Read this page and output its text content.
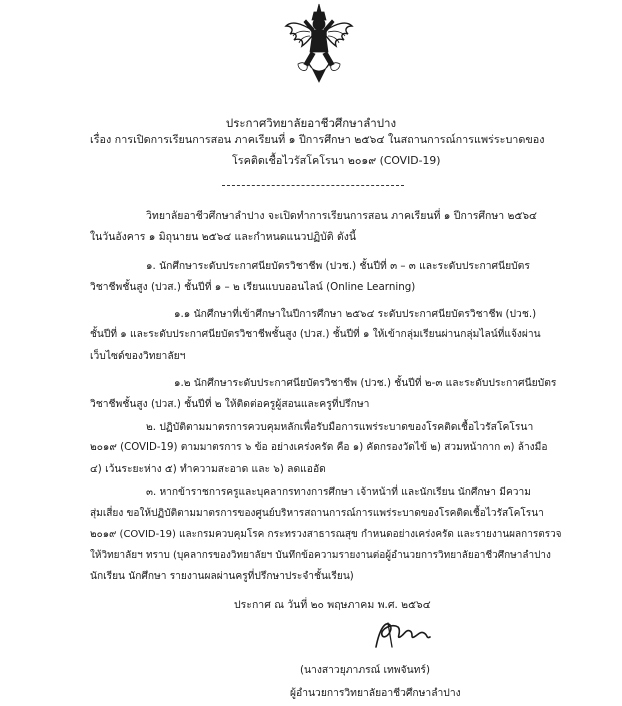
ประกาศวิทยาลัยอาชีวศึกษาลำปาง
เรื่อง การเปิดการเรียนการสอน ภาคเรียนที่ ๑ ปีการศึกษา ๒๕๖๔ ในสถานการณ์การแพร่ระบาดของ
โรคติดเชื้อไวรัสโคโรนา ๒๐๑๙ (COVID-19)
วิทยาลัยอาชีวศึกษาลำปาง จะเปิดทำการเรียนการสอน ภาคเรียนที่ ๑ ปีการศึกษา ๒๕๖๔
ในวันอังคาร ๑ มิถุนายน ๒๕๖๔ และกำหนดแนวปฏิบัติ ดังนี้
๑. นักศึกษาระดับประกาศนียบัตรวิชาชีพ (ปวช.) ชั้นปีที่ ๓ – ๓ และระดับประกาศนียบัตร
วิชาชีพชั้นสูง (ปวส.) ชั้นปีที่ ๑ – ๒ เรียนแบบออนไลน์ (Online Learning)
๑.๑ นักศึกษาที่เข้าศึกษาในปีการศึกษา ๒๕๖๔ ระดับประกาศนียบัตรวิชาชีพ (ปวช.)
ชั้นปีที่ ๑ และระดับประกาศนียบัตรวิชาชีพชั้นสูง (ปวส.) ชั้นปีที่ ๑ ให้เข้ากลุ่มเรียนผ่านกลุ่มไลน์ที่แจ้งผ่าน
เว็บไซด์ของวิทยาลัยฯ
๑.๒ นักศึกษาระดับประกาศนียบัตรวิชาชีพ (ปวช.) ชั้นปีที่ ๒-๓ และระดับประกาศนียบัตร
วิชาชีพชั้นสูง (ปวส.) ชั้นปีที่ ๒ ให้ติดต่อครูผู้สอนและครูที่ปรึกษา
๒. ปฏิบัติตามมาตรการควบคุมหลักเพื่อรับมือการแพร่ระบาดของโรคติดเชื้อไวรัสโคโรนา
๒๐๑๙ (COVID-19) ตามมาตรการ ๖ ข้อ อย่างเคร่งครัด คือ ๑) คัดกรองวัดไข้ ๒) สวมหน้ากาก ๓) ล้างมือ
๔) เว้นระยะห่าง ๕) ทำความสะอาด และ ๖) ลดแออัด
๓. หากข้าราชการครูและบุคลากรทางการศึกษา เจ้าหน้าที่ และนักเรียน นักศึกษา มีความ
สุ่มเสี่ยง ขอให้ปฏิบัติตามมาตรการของศูนย์บริหารสถานการณ์การแพร่ระบาดของโรคติดเชื้อไวรัสโคโรนา
๒๐๑๙ (COVID-19) และกรมควบคุมโรค กระทรวงสาธารณสุข กำหนดอย่างเคร่งครัด และรายงานผลการตรวจ
ให้วิทยาลัยฯ ทราบ (บุคลากรของวิทยาลัยฯ บันทึกข้อความรายงานต่อผู้อำนวยการวิทยาลัยอาชีวศึกษาลำปาง
นักเรียน นักศึกษา รายงานผลผ่านครูที่ปรึกษาประจำชั้นเรียน)
ประกาศ ณ วันที่ ๒๐ พฤษภาคม พ.ศ. ๒๕๖๔
(นางสาวยุภาภรณ์ เทพจันทร์)
ผู้อำนวยการวิทยาลัยอาชีวศึกษาลำปาง
